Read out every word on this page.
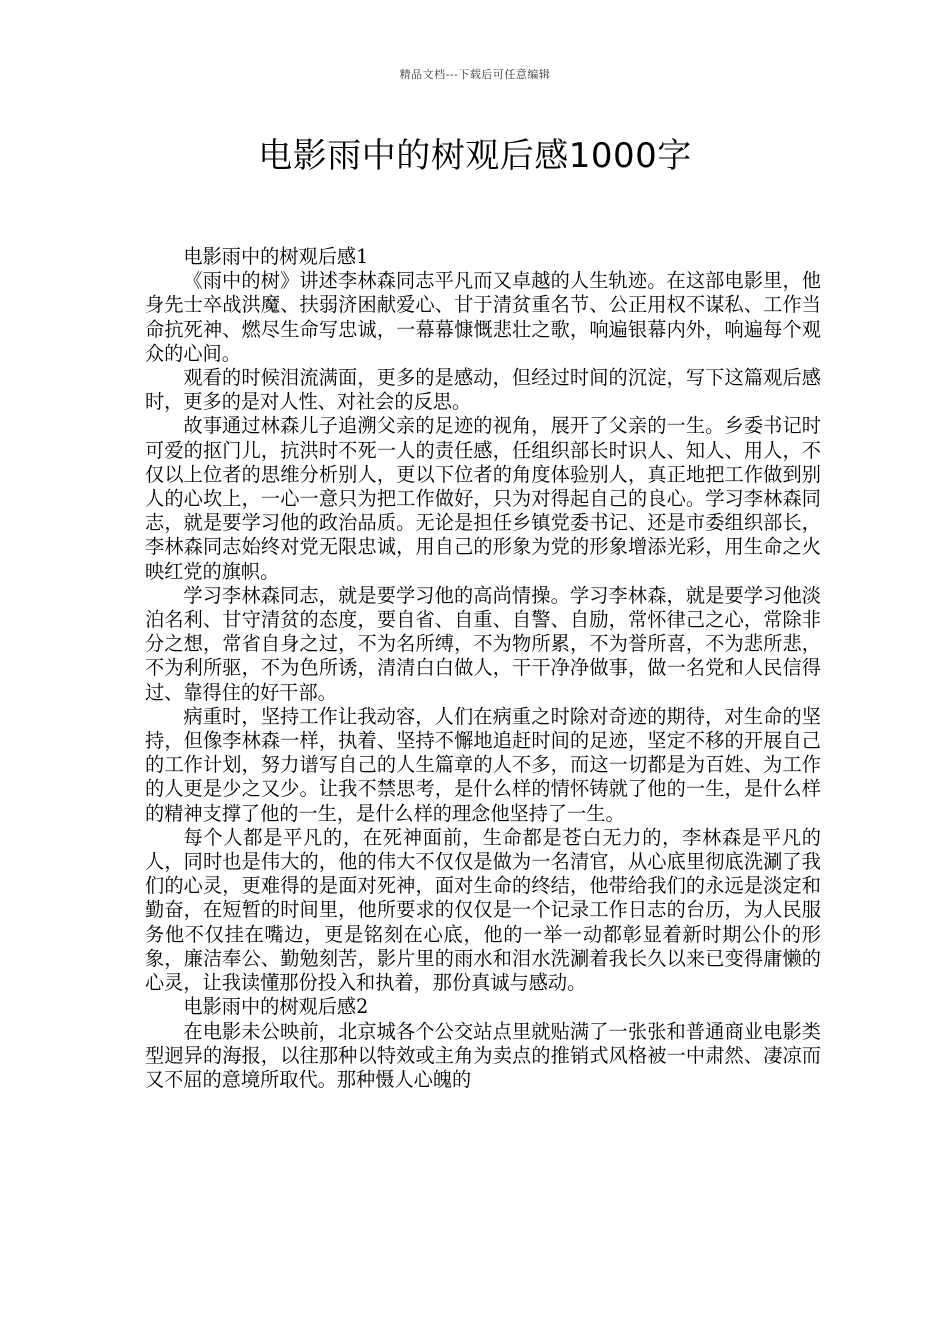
精品文档---下载后可任意编辑
电影雨中的树观后感1000字

电影雨中的树观后感1

《雨中的树》讲述李林森同志平凡而又卓越的人生轨迹。在这部电影里，他身先士卒战洪魔、扶弱济困献爱心、甘于清贫重名节、公正用权不谋私、工作当命抗死神、燃尽生命写忠诚，一幕幕慷慨悲壮之歌，响遍银幕内外，响遍每个观众的心间。

观看的时候泪流满面，更多的是感动，但经过时间的沉淀，写下这篇观后感时，更多的是对人性、对社会的反思。

故事通过林森儿子追溯父亲的足迹的视角，展开了父亲的一生。乡委书记时可爱的抠门儿，抗洪时不死一人的责任感，任组织部长时识人、知人、用人，不仅以上位者的思维分析别人，更以下位者的角度体验别人，真正地把工作做到别人的心坎上，一心一意只为把工作做好，只为对得起自己的良心。学习李林森同志，就是要学习他的政治品质。无论是担任乡镇党委书记、还是市委组织部长，李林森同志始终对党无限忠诚，用自己的形象为党的形象增添光彩，用生命之火映红党的旗帜。

学习李林森同志，就是要学习他的高尚情操。学习李林森，就是要学习他淡泊名利、甘守清贫的态度，要自省、自重、自警、自励，常怀律己之心，常除非分之想，常省自身之过，不为名所缚，不为物所累，不为誉所喜，不为悲所悲，不为利所驱，不为色所诱，清清白白做人，干干净净做事，做一名党和人民信得过、靠得住的好干部。

病重时，坚持工作让我动容，人们在病重之时除对奇迹的期待，对生命的坚持，但像李林森一样，执着、坚持不懈地追赶时间的足迹，坚定不移的开展自己的工作计划，努力谱写自己的人生篇章的人不多，而这一切都是为百姓、为工作的人更是少之又少。让我不禁思考，是什么样的情怀铸就了他的一生，是什么样的精神支撑了他的一生，是什么样的理念他坚持了一生。

每个人都是平凡的，在死神面前，生命都是苍白无力的，李林森是平凡的人，同时也是伟大的，他的伟大不仅仅是做为一名清官，从心底里彻底洗涮了我们的心灵，更难得的是面对死神，面对生命的终结，他带给我们的永远是淡定和勤奋，在短暂的时间里，他所要求的仅仅是一个记录工作日志的台历，为人民服务他不仅挂在嘴边，更是铭刻在心底，他的一举一动都彰显着新时期公仆的形象，廉洁奉公、勤勉刻苦，影片里的雨水和泪水洗涮着我长久以来已变得庸懒的心灵，让我读懂那份投入和执着，那份真诚与感动。

电影雨中的树观后感2

在电影未公映前，北京城各个公交站点里就贴满了一张张和普通商业电影类型迥异的海报，以往那种以特效或主角为卖点的推销式风格被一中肃然、凄凉而又不屈的意境所取代。那种慑人心魄的
